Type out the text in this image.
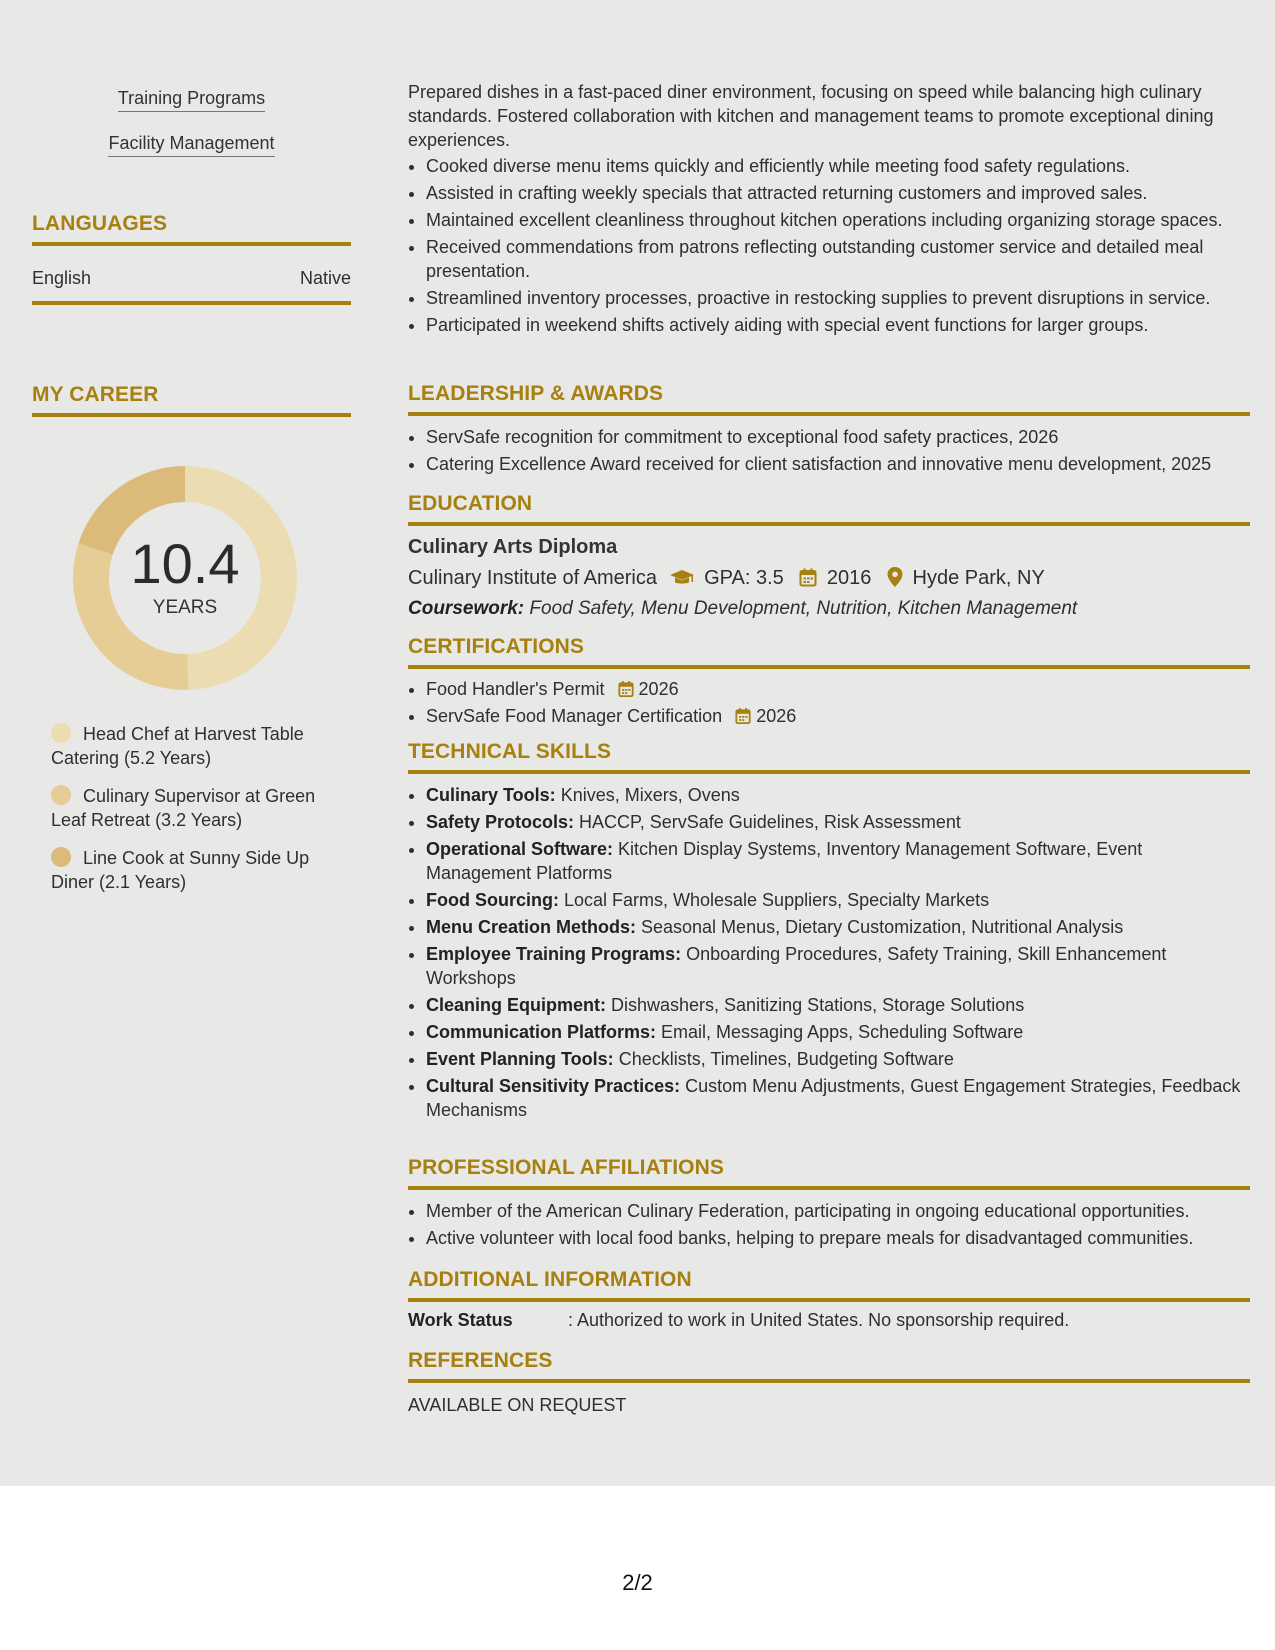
Training Programs
Facility Management
LANGUAGES
English	Native
MY CAREER
10.4
YEARS
Head Chef at Harvest Table Catering (5.2 Years)
Culinary Supervisor at Green Leaf Retreat (3.2 Years)
Line Cook at Sunny Side Up Diner (2.1 Years)
Prepared dishes in a fast-paced diner environment, focusing on speed while balancing high culinary standards. Fostered collaboration with kitchen and management teams to promote exceptional dining experiences.
• Cooked diverse menu items quickly and efficiently while meeting food safety regulations.
• Assisted in crafting weekly specials that attracted returning customers and improved sales.
• Maintained excellent cleanliness throughout kitchen operations including organizing storage spaces.
• Received commendations from patrons reflecting outstanding customer service and detailed meal presentation.
• Streamlined inventory processes, proactive in restocking supplies to prevent disruptions in service.
• Participated in weekend shifts actively aiding with special event functions for larger groups.
LEADERSHIP & AWARDS
• ServSafe recognition for commitment to exceptional food safety practices, 2026
• Catering Excellence Award received for client satisfaction and innovative menu development, 2025
EDUCATION
Culinary Arts Diploma
Culinary Institute of America GPA: 3.5 2016 Hyde Park, NY
Coursework: Food Safety, Menu Development, Nutrition, Kitchen Management
CERTIFICATIONS
• Food Handler's Permit 2026
• ServSafe Food Manager Certification 2026
TECHNICAL SKILLS
• Culinary Tools: Knives, Mixers, Ovens
• Safety Protocols: HACCP, ServSafe Guidelines, Risk Assessment
• Operational Software: Kitchen Display Systems, Inventory Management Software, Event Management Platforms
• Food Sourcing: Local Farms, Wholesale Suppliers, Specialty Markets
• Menu Creation Methods: Seasonal Menus, Dietary Customization, Nutritional Analysis
• Employee Training Programs: Onboarding Procedures, Safety Training, Skill Enhancement Workshops
• Cleaning Equipment: Dishwashers, Sanitizing Stations, Storage Solutions
• Communication Platforms: Email, Messaging Apps, Scheduling Software
• Event Planning Tools: Checklists, Timelines, Budgeting Software
• Cultural Sensitivity Practices: Custom Menu Adjustments, Guest Engagement Strategies, Feedback Mechanisms
PROFESSIONAL AFFILIATIONS
• Member of the American Culinary Federation, participating in ongoing educational opportunities.
• Active volunteer with local food banks, helping to prepare meals for disadvantaged communities.
ADDITIONAL INFORMATION
Work Status	: Authorized to work in United States. No sponsorship required.
REFERENCES
AVAILABLE ON REQUEST
2/2
